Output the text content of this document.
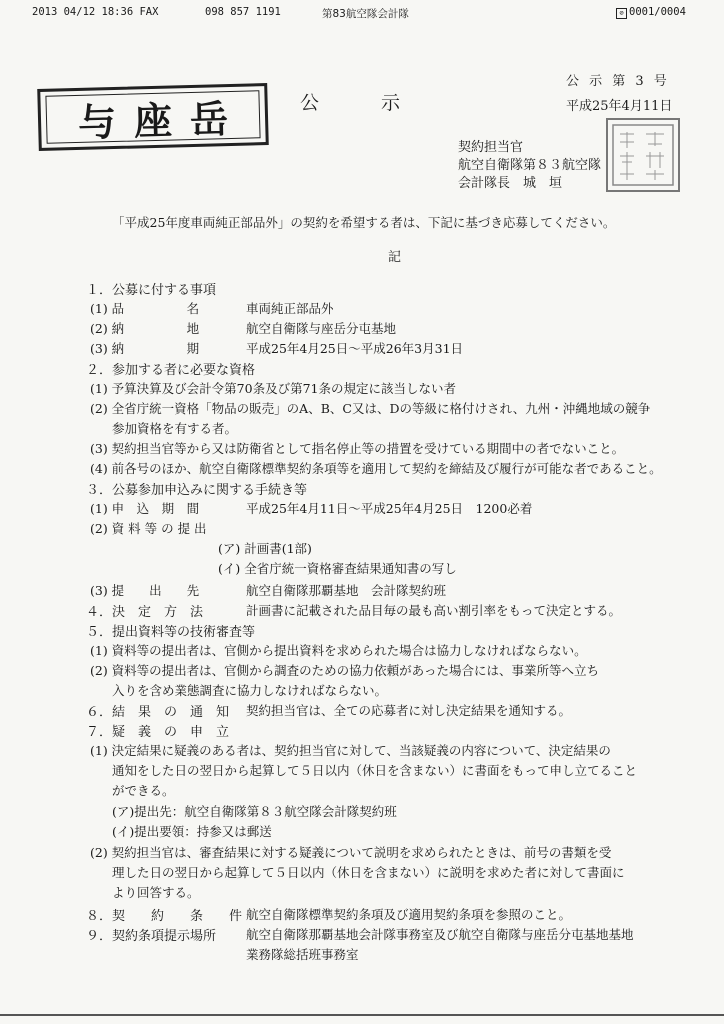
2013 04/12 18:36 FAX	098 857 1191	第83航空隊会計隊	⊘ 0001/0004
与座岳	公 示
公 示 第 3 号
平成25年4月11日
契約担当官
航空自衛隊第８３航空隊
会計隊長　城　垣　　　
「平成25年度車両純正部品外」の契約を希望する者は、下記に基づき応募してください。
記
１．公募に付する事項
(1) 品　　　　　名	車両純正部品外
(2) 納　　　　　地	航空自衛隊与座岳分屯基地
(3) 納　　　　　期	平成25年4月25日～平成26年3月31日
２．参加する者に必要な資格
(1) 予算決算及び会計令第70条及び第71条の規定に該当しない者
(2) 全省庁統一資格「物品の販売」のA、B、C又は、Dの等級に格付けされ、九州・沖縄地域の競争
参加資格を有する者。
(3) 契約担当官等から又は防衛省として指名停止等の措置を受けている期間中の者でないこと。
(4) 前各号のほか、航空自衛隊標準契約条項等を適用して契約を締結及び履行が可能な者であること。
３．公募参加申込みに関する手続き等
(1) 申　込　期　間	平成25年4月11日～平成25年4月25日　1200必着
(2) 資 料 等 の 提 出
(ア) 計画書(1部)
(イ) 全省庁統一資格審査結果通知書の写し
(3) 提　　出　　先	航空自衛隊那覇基地　会計隊契約班
４．決　定　方　法	計画書に記載された品目毎の最も高い割引率をもって決定とする。
５．提出資料等の技術審査等
(1) 資料等の提出者は、官側から提出資料を求められた場合は協力しなければならない。
(2) 資料等の提出者は、官側から調査のための協力依頼があった場合には、事業所等へ立ち
入りを含め業態調査に協力しなければならない。
６．結　果　の　通　知 契約担当官は、全ての応募者に対し決定結果を通知する。
７．疑　義　の　申　立
(1) 決定結果に疑義のある者は、契約担当官に対して、当該疑義の内容について、決定結果の
通知をした日の翌日から起算して５日以内（休日を含まない）に書面をもって申し立てること
ができる。
(ア)提出先：航空自衛隊第８３航空隊会計隊契約班
(イ)提出要領：持参又は郵送
(2) 契約担当官は、審査結果に対する疑義について説明を求められたときは、前号の書類を受
理した日の翌日から起算して５日以内（休日を含まない）に説明を求めた者に対して書面に
より回答する。
８．契　　約　　条　　件 航空自衛隊標準契約条項及び適用契約条項を参照のこと。
９．契約条項提示場所 航空自衛隊那覇基地会計隊事務室及び航空自衛隊与座岳分屯基地基地
業務隊総括班事務室
